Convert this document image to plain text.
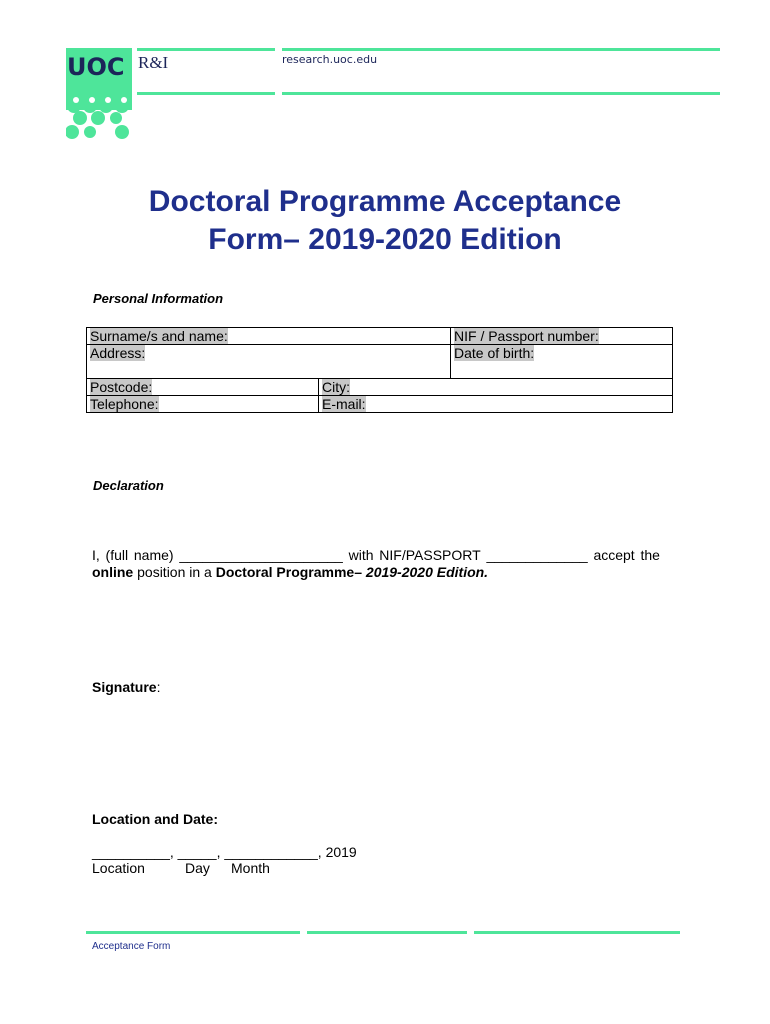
UOC R&I	research.uoc.edu
Doctoral Programme Acceptance
Form– 2019-2020 Edition
Personal Information
Surname/s and name:		NIF / Passport number:
Address:		Date of birth:
Postcode:	City:	
Telephone:	E-mail:	
Declaration
I, (full name) _____________________ with NIF/PASSPORT _____________ accept the
online position in a Doctoral Programme– 2019-2020 Edition.
Signature:
Location and Date:
__________, _____, ____________, 2019
Location	Day Month
Acceptance Form
